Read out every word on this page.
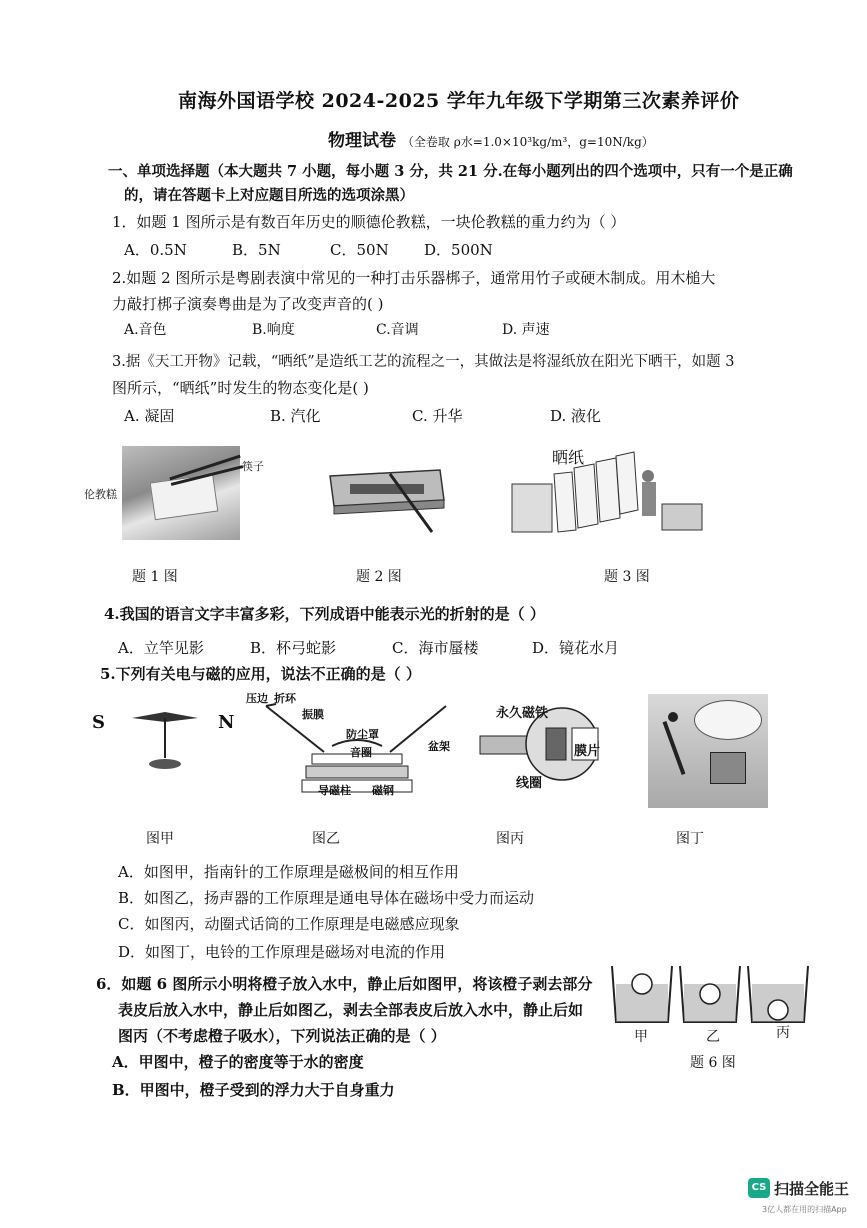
南海外国语学校 2024-2025 学年九年级下学期第三次素养评价
物理试卷 （全卷取 ρ水=1.0×10³kg/m³，g=10N/kg）
一、单项选择题（本大题共 7 小题，每小题 3 分，共 21 分.在每小题列出的四个选项中，只有一个是正确
的，请在答题卡上对应题目所选的选项涂黑）
1．如题 1 图所示是有数百年历史的顺德伦教糕，一块伦教糕的重力约为（ ）
A．0.5N	B．5N	C．50N D．500N
2.如题 2 图所示是粤剧表演中常见的一种打击乐器梆子，通常用竹子或硬木制成。用木槌大
力敲打梆子演奏粤曲是为了改变声音的( )
A.音色	B.响度	C.音调	D. 声速
3.据《天工开物》记载，“晒纸”是造纸工艺的流程之一，其做法是将湿纸放在阳光下晒干，如题 3
图所示，“晒纸”时发生的物态变化是( )
A. 凝固	B. 汽化	C. 升华	D. 液化
筷子
伦教糕
晒纸
题 1 图	题 2 图	题 3 图
4.我国的语言文字丰富多彩，下列成语中能表示光的折射的是（ ）
A．立竿见影	B．杯弓蛇影	C．海市蜃楼	D．镜花水月
5.下列有关电与磁的应用，说法不正确的是（ ）
S	N
压边 折环
振膜
防尘罩
音圈	盆架
导磁柱 磁钢
永久磁铁
膜片
线圈
图甲	图乙	图丙	图丁
A．如图甲，指南针的工作原理是磁极间的相互作用
B．如图乙，扬声器的工作原理是通电导体在磁场中受力而运动
C．如图丙，动圈式话筒的工作原理是电磁感应现象
D．如图丁，电铃的工作原理是磁场对电流的作用
6．如题 6 图所示小明将橙子放入水中，静止后如图甲，将该橙子剥去部分
表皮后放入水中，静止后如图乙，剥去全部表皮后放入水中，静止后如
图丙（不考虑橙子吸水），下列说法正确的是（ ）
A．甲图中，橙子的密度等于水的密度
B．甲图中，橙子受到的浮力大于自身重力
甲	乙	丙
题 6 图
CS 扫描全能王
3亿人都在用的扫描App
